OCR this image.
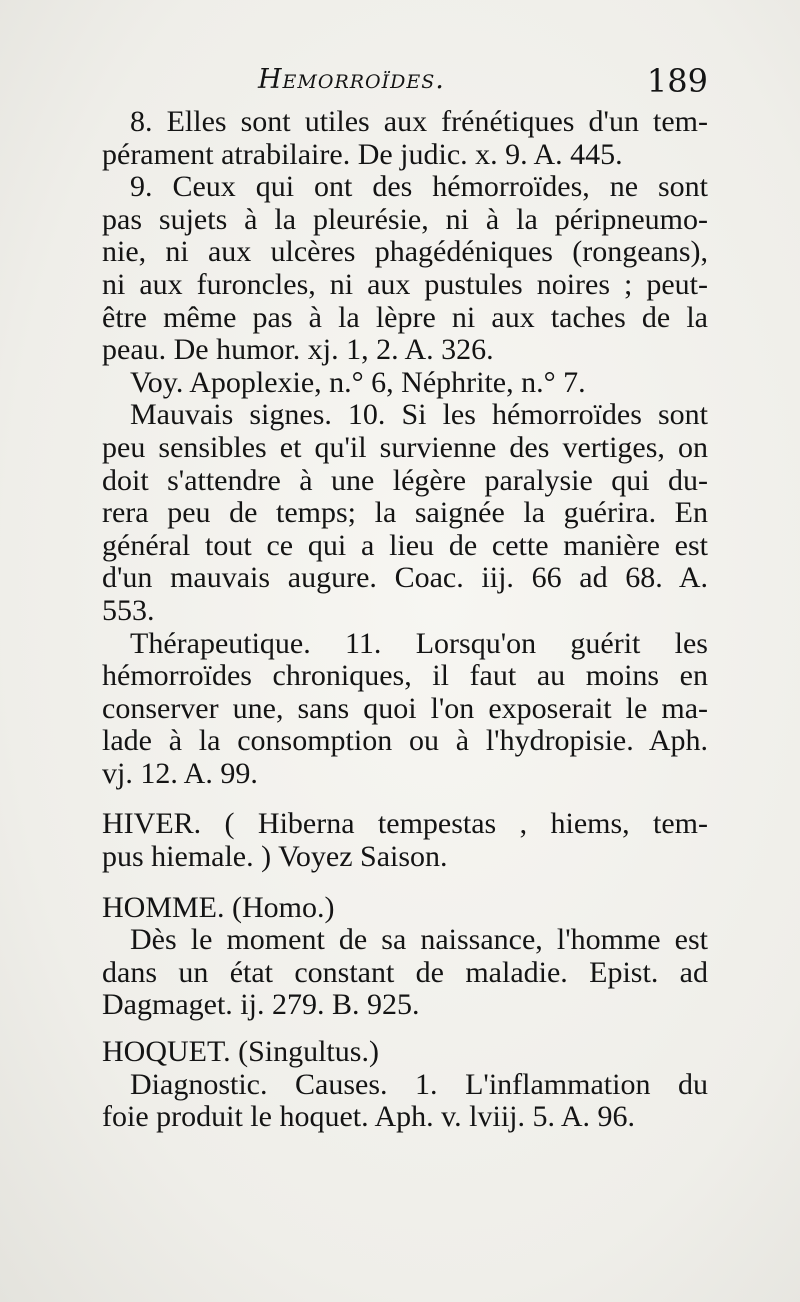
Hemorroïdes.	189
8. Elles sont utiles aux frénétiques d'un tem-
pérament atrabilaire. De judic. x. 9. A. 445.
9. Ceux qui ont des hémorroïdes, ne sont
pas sujets à la pleurésie, ni à la péripneumo-
nie, ni aux ulcères phagédéniques (rongeans),
ni aux furoncles, ni aux pustules noires ; peut-
être même pas à la lèpre ni aux taches de la
peau. De humor. xj. 1, 2. A. 326.
Voy. Apoplexie, n.° 6, Néphrite, n.° 7.
Mauvais signes. 10. Si les hémorroïdes sont
peu sensibles et qu'il survienne des vertiges, on
doit s'attendre à une légère paralysie qui du-
rera peu de temps; la saignée la guérira. En
général tout ce qui a lieu de cette manière est
d'un mauvais augure. Coac. iij. 66 ad 68. A.
553.
Thérapeutique. 11. Lorsqu'on guérit les
hémorroïdes chroniques, il faut au moins en
conserver une, sans quoi l'on exposerait le ma-
lade à la consomption ou à l'hydropisie. Aph.
vj. 12. A. 99.
HIVER. ( Hiberna tempestas , hiems, tem-
pus hiemale. ) Voyez Saison.
HOMME. (Homo.)
Dès le moment de sa naissance, l'homme est
dans un état constant de maladie. Epist. ad
Dagmaget. ij. 279. B. 925.
HOQUET. (Singultus.)
Diagnostic. Causes. 1. L'inflammation du
foie produit le hoquet. Aph. v. lviij. 5. A. 96.
